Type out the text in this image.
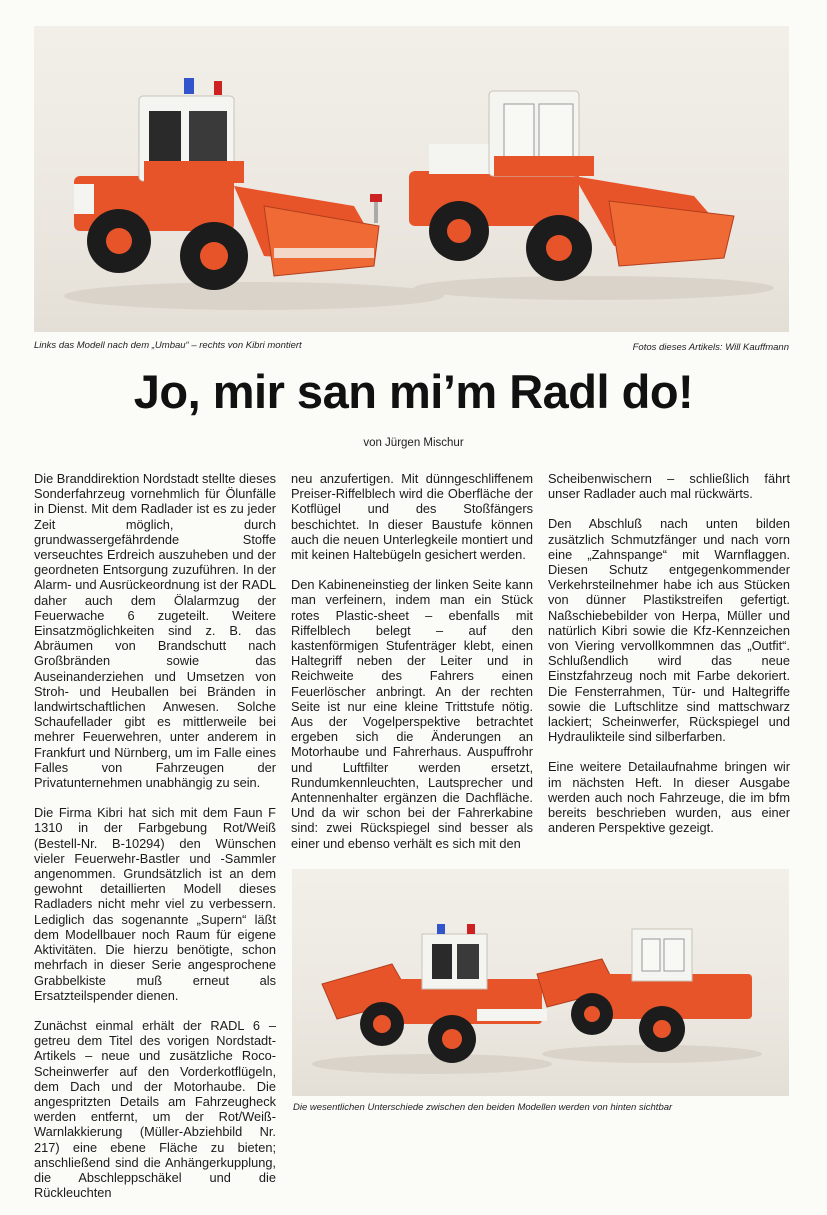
Links das Modell nach dem „Umbau“ – rechts von Kibri montiert	Fotos dieses Artikels: Will Kauffmann
Jo, mir san mi’m Radl do!
von Jürgen Mischur

Die Branddirektion Nordstadt stellte dieses Sonderfahrzeug vornehmlich für Ölunfälle in Dienst. Mit dem Radlader ist es zu jeder Zeit möglich, durch grundwassergefährdende Stoffe verseuchtes Erdreich auszuheben und der geordneten Entsorgung zuzuführen. In der Alarm- und Ausrückeordnung ist der RADL daher auch dem Ölalarmzug der Feuerwache 6 zugeteilt. Weitere Einsatzmöglichkeiten sind z. B. das Abräumen von Brandschutt nach Großbränden sowie das Auseinanderziehen und Umsetzen von Stroh- und Heuballen bei Bränden in landwirtschaftlichen Anwesen. Solche Schaufellader gibt es mittlerweile bei mehrer Feuerwehren, unter anderem in Frankfurt und Nürnberg, um im Falle eines Falles von Fahrzeugen der Privatunternehmen unabhängig zu sein.

Die Firma Kibri hat sich mit dem Faun F 1310 in der Farbgebung Rot/Weiß (Bestell-Nr. B-10294) den Wünschen vieler Feuerwehr-Bastler und -Sammler angenommen. Grundsätzlich ist an dem gewohnt detaillierten Modell dieses Radladers nicht mehr viel zu verbessern. Lediglich das sogenannte „Supern“ läßt dem Modellbauer noch Raum für eigene Aktivitäten. Die hierzu benötigte, schon mehrfach in dieser Serie angesprochene Grabbelkiste muß erneut als Ersatzteilspender dienen.

Zunächst einmal erhält der RADL 6 – getreu dem Titel des vorigen Nordstadt-Artikels – neue und zusätzliche Roco-Scheinwerfer auf den Vorderkotflügeln, dem Dach und der Motorhaube. Die angespritzten Details am Fahrzeugheck werden entfernt, um der Rot/Weiß-Warnlakkierung (Müller-Abziehbild Nr. 217) eine ebene Fläche zu bieten; anschließend sind die Anhängerkupplung, die Abschleppschäkel und die Rückleuchten

neu anzufertigen. Mit dünngeschliffenem Preiser-Riffelblech wird die Oberfläche der Kotflügel und des Stoßfängers beschichtet. In dieser Baustufe können auch die neuen Unterlegkeile montiert und mit keinen Haltebügeln gesichert werden.

Den Kabineneinstieg der linken Seite kann man verfeinern, indem man ein Stück rotes Plastic-sheet – ebenfalls mit Riffelblech belegt – auf den kastenförmigen Stufenträger klebt, einen Haltegriff neben der Leiter und in Reichweite des Fahrers einen Feuerlöscher anbringt. An der rechten Seite ist nur eine kleine Trittstufe nötig. Aus der Vogelperspektive betrachtet ergeben sich die Änderungen an Motorhaube und Fahrerhaus. Auspuffrohr und Luftfilter werden ersetzt, Rundumkennleuchten, Lautsprecher und Antennenhalter ergänzen die Dachfläche. Und da wir schon bei der Fahrerkabine sind: zwei Rückspiegel sind besser als einer und ebenso verhält es sich mit den

Scheibenwischern – schließlich fährt unser Radlader auch mal rückwärts.

Den Abschluß nach unten bilden zusätzlich Schmutzfänger und nach vorn eine „Zahnspange“ mit Warnflaggen. Diesen Schutz entgegenkommender Verkehrsteilnehmer habe ich aus Stücken von dünner Plastikstreifen gefertigt. Naßschiebebilder von Herpa, Müller und natürlich Kibri sowie die Kfz-Kennzeichen von Viering vervollkommnen das „Outfit“. Schlußendlich wird das neue Einstzfahrzeug noch mit Farbe dekoriert. Die Fensterrahmen, Tür- und Haltegriffe sowie die Luftschlitze sind mattschwarz lackiert; Scheinwerfer, Rückspiegel und Hydraulikteile sind silberfarben.

Eine weitere Detailaufnahme bringen wir im nächsten Heft. In dieser Ausgabe werden auch noch Fahrzeuge, die im bfm bereits beschrieben wurden, aus einer anderen Perspektive gezeigt.

Die wesentlichen Unterschiede zwischen den beiden Modellen werden von hinten sichtbar
